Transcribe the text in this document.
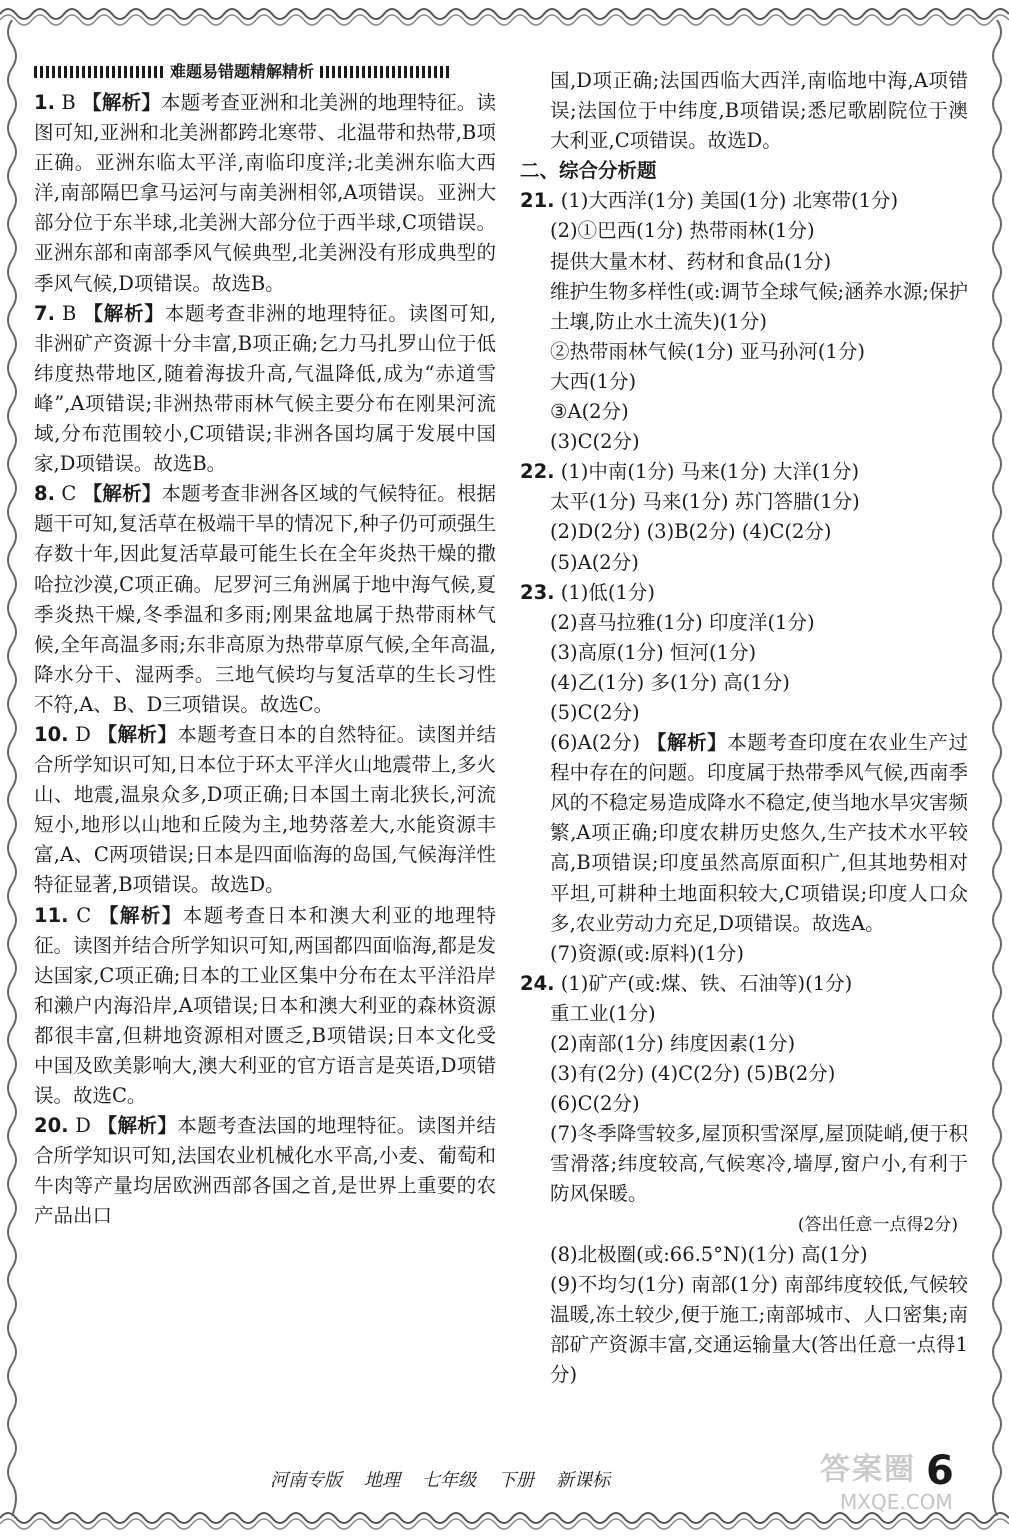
难题易错题精解精析
1. B 【解析】本题考查亚洲和北美洲的地理特征。读图可知,亚洲和北美洲都跨北寒带、北温带和热带,B项正确。亚洲东临太平洋,南临印度洋;北美洲东临大西洋,南部隔巴拿马运河与南美洲相邻,A项错误。亚洲大部分位于东半球,北美洲大部分位于西半球,C项错误。亚洲东部和南部季风气候典型,北美洲没有形成典型的季风气候,D项错误。故选B。
7. B 【解析】本题考查非洲的地理特征。读图可知,非洲矿产资源十分丰富,B项正确;乞力马扎罗山位于低纬度热带地区,随着海拔升高,气温降低,成为“赤道雪峰”,A项错误;非洲热带雨林气候主要分布在刚果河流域,分布范围较小,C项错误;非洲各国均属于发展中国家,D项错误。故选B。
8. C 【解析】本题考查非洲各区域的气候特征。根据题干可知,复活草在极端干旱的情况下,种子仍可顽强生存数十年,因此复活草最可能生长在全年炎热干燥的撒哈拉沙漠,C项正确。尼罗河三角洲属于地中海气候,夏季炎热干燥,冬季温和多雨;刚果盆地属于热带雨林气候,全年高温多雨;东非高原为热带草原气候,全年高温,降水分干、湿两季。三地气候均与复活草的生长习性不符,A、B、D三项错误。故选C。
10. D 【解析】本题考查日本的自然特征。读图并结合所学知识可知,日本位于环太平洋火山地震带上,多火山、地震,温泉众多,D项正确;日本国土南北狭长,河流短小,地形以山地和丘陵为主,地势落差大,水能资源丰富,A、C两项错误;日本是四面临海的岛国,气候海洋性特征显著,B项错误。故选D。
11. C 【解析】本题考查日本和澳大利亚的地理特征。读图并结合所学知识可知,两国都四面临海,都是发达国家,C项正确;日本的工业区集中分布在太平洋沿岸和濑户内海沿岸,A项错误;日本和澳大利亚的森林资源都很丰富,但耕地资源相对匮乏,B项错误;日本文化受中国及欧美影响大,澳大利亚的官方语言是英语,D项错误。故选C。
20. D 【解析】本题考查法国的地理特征。读图并结合所学知识可知,法国农业机械化水平高,小麦、葡萄和牛肉等产量均居欧洲西部各国之首,是世界上重要的农产品出口
国,D项正确;法国西临大西洋,南临地中海,A项错误;法国位于中纬度,B项错误;悉尼歌剧院位于澳大利亚,C项错误。故选D。
二、综合分析题
21. (1)大西洋(1分) 美国(1分) 北寒带(1分)
(2)①巴西(1分) 热带雨林(1分)
提供大量木材、药材和食品(1分)
维护生物多样性(或:调节全球气候;涵养水源;保护土壤,防止水土流失)(1分)
②热带雨林气候(1分) 亚马孙河(1分)
大西(1分)
③A(2分)
(3)C(2分)
22. (1)中南(1分) 马来(1分) 大洋(1分)
太平(1分) 马来(1分) 苏门答腊(1分)
(2)D(2分) (3)B(2分) (4)C(2分)
(5)A(2分)
23. (1)低(1分)
(2)喜马拉雅(1分) 印度洋(1分)
(3)高原(1分) 恒河(1分)
(4)乙(1分) 多(1分) 高(1分)
(5)C(2分)
(6)A(2分) 【解析】本题考查印度在农业生产过程中存在的问题。印度属于热带季风气候,西南季风的不稳定易造成降水不稳定,使当地水旱灾害频繁,A项正确;印度农耕历史悠久,生产技术水平较高,B项错误;印度虽然高原面积广,但其地势相对平坦,可耕种土地面积较大,C项错误;印度人口众多,农业劳动力充足,D项错误。故选A。
(7)资源(或:原料)(1分)
24. (1)矿产(或:煤、铁、石油等)(1分)
重工业(1分)
(2)南部(1分) 纬度因素(1分)
(3)有(2分) (4)C(2分) (5)B(2分)
(6)C(2分)
(7)冬季降雪较多,屋顶积雪深厚,屋顶陡峭,便于积雪滑落;纬度较高,气候寒冷,墙厚,窗户小,有利于防风保暖。
(答出任意一点得2分)
(8)北极圈(或:66.5°N)(1分) 高(1分)
(9)不均匀(1分) 南部(1分) 南部纬度较低,气候较温暖,冻土较少,便于施工;南部城市、人口密集;南部矿产资源丰富,交通运输量大(答出任意一点得1分)
河南专版 地理 七年级 下册 新课标	答案圈
MXQE.COM
6
